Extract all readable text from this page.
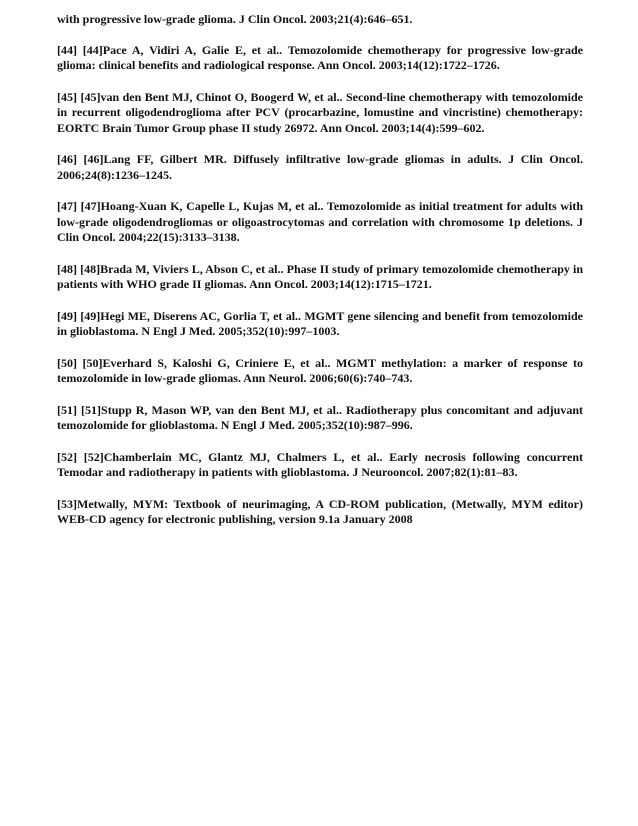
with progressive low-grade glioma. J Clin Oncol. 2003;21(4):646–651.

[44] [44]Pace A, Vidiri A, Galie E, et al.. Temozolomide chemotherapy for progressive low-grade glioma: clinical benefits and radiological response. Ann Oncol. 2003;14(12):1722–1726.

[45] [45]van den Bent MJ, Chinot O, Boogerd W, et al.. Second-line chemotherapy with temozolomide in recurrent oligodendroglioma after PCV (procarbazine, lomustine and vincristine) chemotherapy: EORTC Brain Tumor Group phase II study 26972. Ann Oncol. 2003;14(4):599–602.

[46] [46]Lang FF, Gilbert MR. Diffusely infiltrative low-grade gliomas in adults. J Clin Oncol. 2006;24(8):1236–1245.

[47] [47]Hoang-Xuan K, Capelle L, Kujas M, et al.. Temozolomide as initial treatment for adults with low-grade oligodendrogliomas or oligoastrocytomas and correlation with chromosome 1p deletions. J Clin Oncol. 2004;22(15):3133–3138.

[48] [48]Brada M, Viviers L, Abson C, et al.. Phase II study of primary temozolomide chemotherapy in patients with WHO grade II gliomas. Ann Oncol. 2003;14(12):1715–1721.

[49] [49]Hegi ME, Diserens AC, Gorlia T, et al.. MGMT gene silencing and benefit from temozolomide in glioblastoma. N Engl J Med. 2005;352(10):997–1003.

[50] [50]Everhard S, Kaloshi G, Criniere E, et al.. MGMT methylation: a marker of response to temozolomide in low-grade gliomas. Ann Neurol. 2006;60(6):740–743.

[51] [51]Stupp R, Mason WP, van den Bent MJ, et al.. Radiotherapy plus concomitant and adjuvant temozolomide for glioblastoma. N Engl J Med. 2005;352(10):987–996.

[52] [52]Chamberlain MC, Glantz MJ, Chalmers L, et al.. Early necrosis following concurrent Temodar and radiotherapy in patients with glioblastoma. J Neurooncol. 2007;82(1):81–83.

[53]Metwally, MYM: Textbook of neurimaging, A CD-ROM publication, (Metwally, MYM editor) WEB-CD agency for electronic publishing, version 9.1a January 2008
